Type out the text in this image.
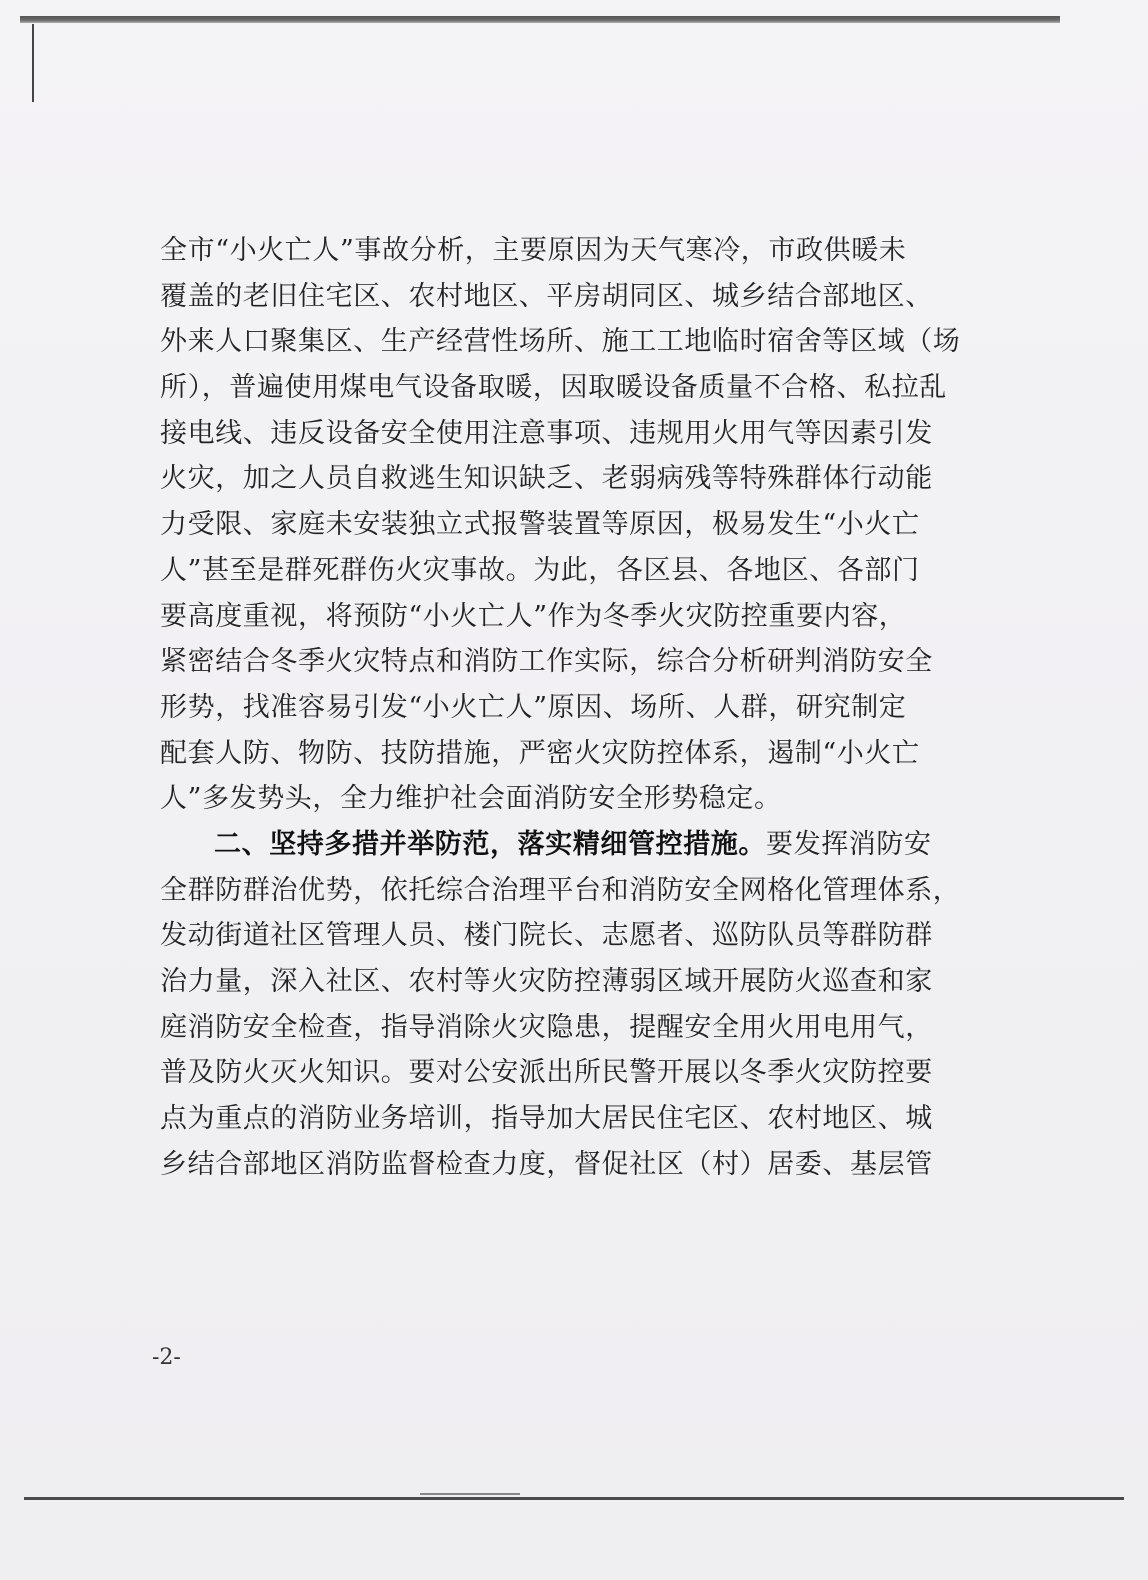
全市“小火亡人”事故分析，主要原因为天气寒冷，市政供暖未
覆盖的老旧住宅区、农村地区、平房胡同区、城乡结合部地区、
外来人口聚集区、生产经营性场所、施工工地临时宿舍等区域（场
所），普遍使用煤电气设备取暖，因取暖设备质量不合格、私拉乱
接电线、违反设备安全使用注意事项、违规用火用气等因素引发
火灾，加之人员自救逃生知识缺乏、老弱病残等特殊群体行动能
力受限、家庭未安装独立式报警装置等原因，极易发生“小火亡
人”甚至是群死群伤火灾事故。为此，各区县、各地区、各部门
要高度重视，将预防“小火亡人”作为冬季火灾防控重要内容，
紧密结合冬季火灾特点和消防工作实际，综合分析研判消防安全
形势，找准容易引发“小火亡人”原因、场所、人群，研究制定
配套人防、物防、技防措施，严密火灾防控体系，遏制“小火亡
人”多发势头，全力维护社会面消防安全形势稳定。
二、坚持多措并举防范，落实精细管控措施。要发挥消防安
全群防群治优势，依托综合治理平台和消防安全网格化管理体系，
发动街道社区管理人员、楼门院长、志愿者、巡防队员等群防群
治力量，深入社区、农村等火灾防控薄弱区域开展防火巡查和家
庭消防安全检查，指导消除火灾隐患，提醒安全用火用电用气，
普及防火灭火知识。要对公安派出所民警开展以冬季火灾防控要
点为重点的消防业务培训，指导加大居民住宅区、农村地区、城
乡结合部地区消防监督检查力度，督促社区（村）居委、基层管
-2-
